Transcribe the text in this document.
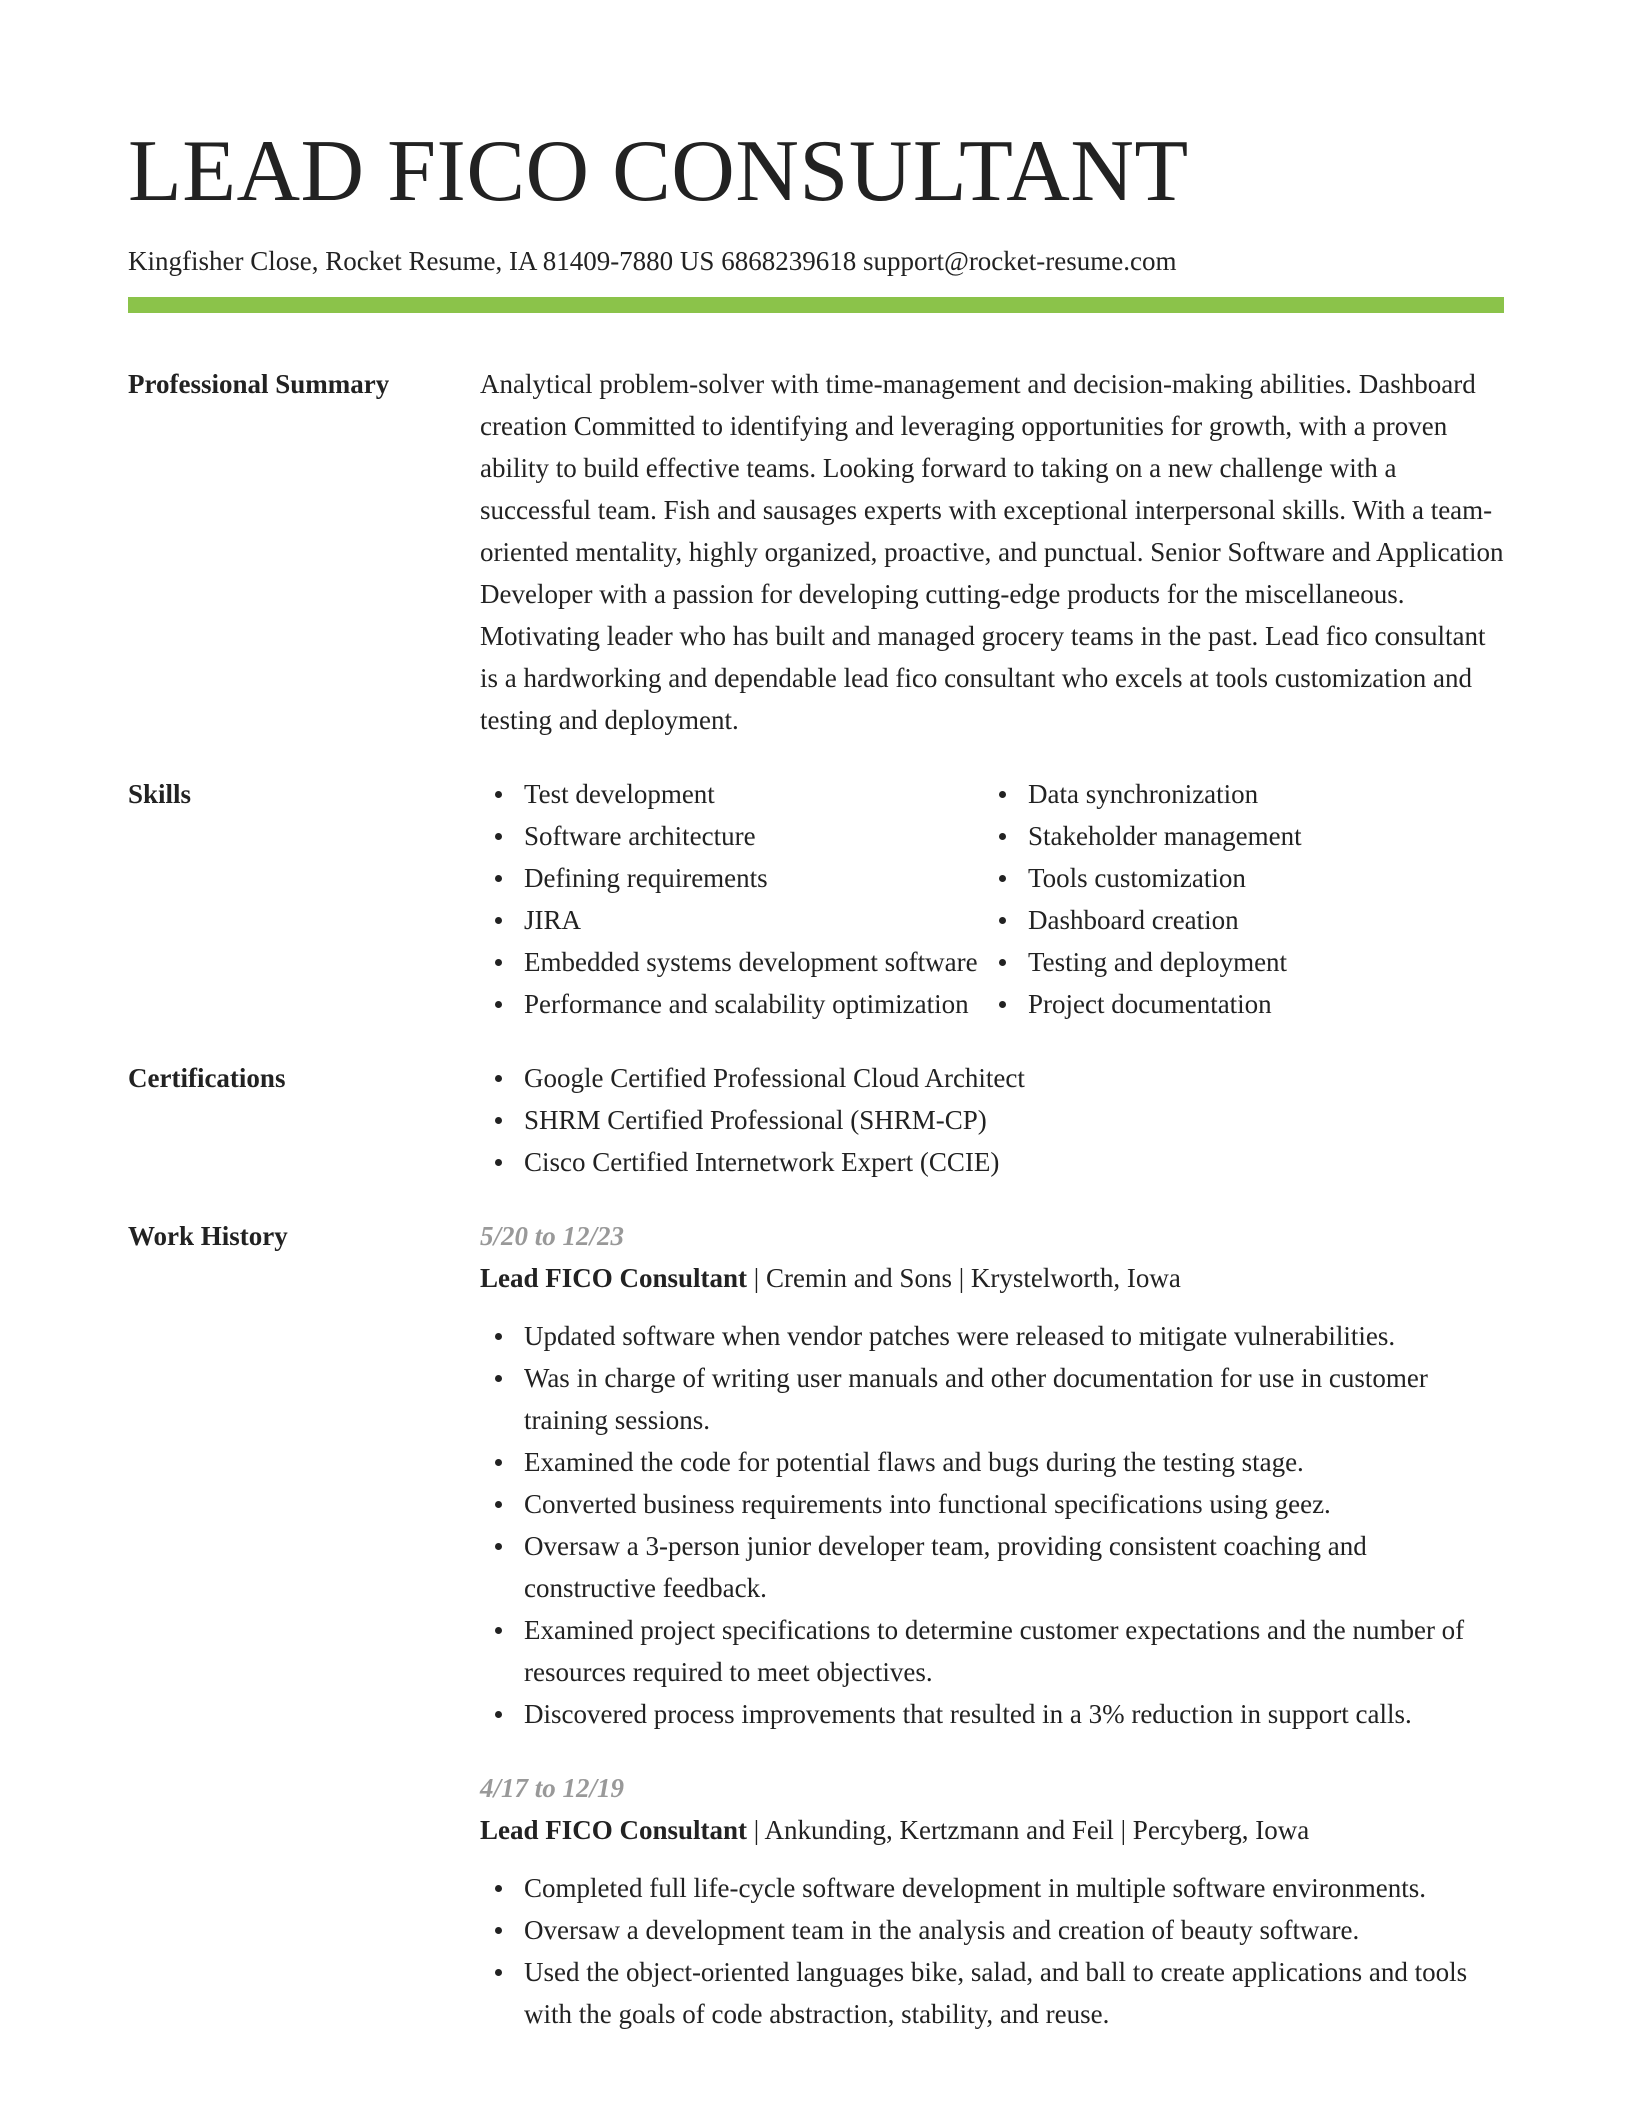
LEAD FICO CONSULTANT
Kingfisher Close, Rocket Resume, IA 81409-7880 US 6868239618 support@rocket-resume.com
Professional Summary	Analytical problem-solver with time-management and decision-making abilities. Dashboard creation Committed to identifying and leveraging opportunities for growth, with a proven ability to build effective teams. Looking forward to taking on a new challenge with a successful team. Fish and sausages experts with exceptional interpersonal skills. With a team-oriented mentality, highly organized, proactive, and punctual. Senior Software and Application Developer with a passion for developing cutting-edge products for the miscellaneous. Motivating leader who has built and managed grocery teams in the past. Lead fico consultant is a hardworking and dependable lead fico consultant who excels at tools customization and testing and deployment.

Skills	Test development
Software architecture
Defining requirements
JIRA
Embedded systems development software
Performance and scalability optimization
Data synchronization
Stakeholder management
Tools customization
Dashboard creation
Testing and deployment
Project documentation
Certifications	Google Certified Professional Cloud Architect
SHRM Certified Professional (SHRM-CP)
Cisco Certified Internetwork Expert (CCIE)
Work History	5/20 to 12/23
Lead FICO Consultant | Cremin and Sons | Krystelworth, Iowa
Updated software when vendor patches were released to mitigate vulnerabilities.
Was in charge of writing user manuals and other documentation for use in customer training sessions.
Examined the code for potential flaws and bugs during the testing stage.
Converted business requirements into functional specifications using geez.
Oversaw a 3-person junior developer team, providing consistent coaching and constructive feedback.
Examined project specifications to determine customer expectations and the number of resources required to meet objectives.
Discovered process improvements that resulted in a 3% reduction in support calls.
4/17 to 12/19
Lead FICO Consultant | Ankunding, Kertzmann and Feil | Percyberg, Iowa
Completed full life-cycle software development in multiple software environments.
Oversaw a development team in the analysis and creation of beauty software.
Used the object-oriented languages bike, salad, and ball to create applications and tools with the goals of code abstraction, stability, and reuse.
